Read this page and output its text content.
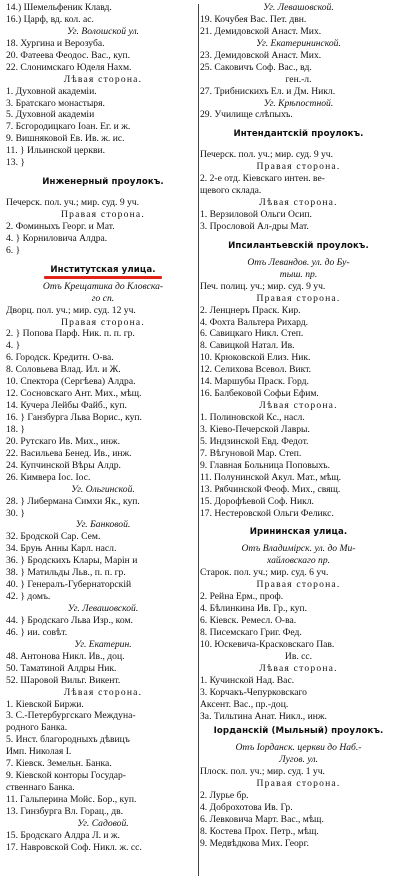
14.) Шемельфеник Клавд.
16.) Царф, вд. кол. ас.
Уг. Волошской ул.
18. Хургина и Верозуба.
20. Фатеева Феодос. Вас., куп.
22. Слонимскаго Юделя Нахм.
Лѣвая сторона.
1. Духовной академіи.
3. Братскаго монастыря.
5. Духовной академіи
7. Бсгородицкаго Іоан. Ег. и ж.
9. Вишняковой Ев. Ив. ж. ис.
11. } Ильинской церкви.
13. }
Инженерный проулокъ.
Печерск. пол. уч.; мир. суд. 9 уч.
Правая сторона.
2. Фоминыхъ Георг. и Мат.
4. } Корниловича Алдра.
6. }
Институтская улица.
Отъ Крещатика до Кловска-
го сп.
Дворц. пол. уч.; мир. суд. 12 уч.
Правая сторона.
2. } Попова Парф. Ник. п. п. гр.
4. }
6. Городск. Кредитн. О-ва.
8. Соловьева Влад. Ил. и Ж.
10. Спектора (Сергѣева) Алдра.
12. Сосновскаго Ант. Мих., мѣщ.
14. Кучера Лейбы Файб., куп.
16. } Ганзбурга Льва Ворис., куп.
18. }
20. Рутскаго Ив. Мих., инж.
22. Васильева Бенед. Ив., инж.
24. Купчинской Вѣры Алдр.
26. Кимвера Іос. Іос.
Уг. Ольгинской.
28. } Либермана Симхи Як., куп.
30. }
Уг. Банковой.
32. Бродской Сар. Сем.
34. Бруњ Анны Карл. насл.
36. } Бродскихъ Клары, Марін и
38. } Матильды Льв., п. п. гр.
40. } Генералъ-Губернаторскій
42. } домъ.
Уг. Левашовской.
44. } Бродскаго Льва Изр., ком.
46. } ии. совѣт.
Уг. Екатерин.
48. Антонова Никл. Ив., доц.
50. Таматиной Алдры Ник.
52. Шаровой Вильг. Викент.
Лѣвая сторона.
1. Кіевской Биржи.
3. С.-Петербургскаго Междуна-
родного Банка.
5. Инст. благородныхъ дѣвицъ
Имп. Николая I.
7. Кіевск. Земельн. Банка.
9. Кіевской конторы Государ-
ственнаго Банка.
11. Гальперина Мойс. Бор., куп.
13. Гинзбурга Вл. Горац., дв.
Уг. Садовой.
15. Бродскаго Алдра Л. и ж.
17. Навровской Соф. Никл. ж. сс.
Уг. Левашовской.
19. Кочубея Вас. Пет. двн.
21. Демидовской Анаст. Мих.
Уг. Екатерининской.
23. Демидовской Анаст. Мих.
25. Саковичъ Соф. Вас., вд.
ген.-л.
27. Трибнискихъ Ел. и Дм. Никл.
Уг. Крѣпостной.
29. Училище слѣпыхъ.
Интендантскій проулокъ.
Печерск. пол. уч.; мир. суд. 9 уч.
Правая сторона.
2. 2-е отд. Кіевскаго интен. ве-
щевого склада.
Лѣвая сторона.
1. Верзиловой Ольги Осип.
3. Прословой Ал-дры Мат.
Ипсилантьевскій проулокъ.
Отъ Левандов. ул. до Бу-
тыш. пр.
Печ. полиц. уч.; мир. суд. 9 уч.
Правая сторона.
2. Ленцнеръ Праск. Кир.
4. Фохта Вальтера Рихард.
6. Савицкаго Никл. Степ.
8. Савицкой Натал. Ив.
10. Крюковской Елиз. Ник.
12. Селихова Всевол. Викт.
14. Маршубы Праск. Горд.
16. Балбековой Софьи Ефим.
Лѣвая сторона.
1. Полиновской Кс., насл.
3. Кіево-Печерской Лавры.
5. Индзинской Евд. Федот.
7. Вѣгуновой Мар. Степ.
9. Главная Больница Поповыхъ.
11. Полунинской Акул. Мат., мѣщ.
13. Рябчинской Феоф. Мих., свящ.
15. Дорофѣевой Соф. Никл.
17. Нестеровской Ольги Феликс.
Ирининская улица.
Отъ Владимірск. ул. до Ми-
хайловскаго пр.
Старок. пол. уч.; мир. суд. 6 уч.
Правая сторона.
2. Рейна Ерм., проф.
4. Бѣлинкина Ив. Гр., куп.
6. Кіевск. Ремесл. О-ва.
8. Писемскаго Григ. Фед.
10. Юскевича-Красковскаго Пав.
Ив. сс.
Лѣвая сторона.
1. Кучинской Над. Вас.
3. Корчакъ-Чепурковскаго
Аксент. Вас., пр.-доц.
За. Тильтина Анат. Никл., инж.
Іорданскій (Мыльный) проулокъ.
Отъ Іорданск. церкви до Наб.-
Лугов. ул.
Плоск. пол. уч.; мир. суд. 1 уч.
Правая сторона.
2. Лурье бр.
4. Доброхотова Ив. Гр.
6. Левковича Март. Вас., мѣщ.
8. Костева Прох. Петр., мѣщ.
9. Медвѣдкова Мих. Георг.
